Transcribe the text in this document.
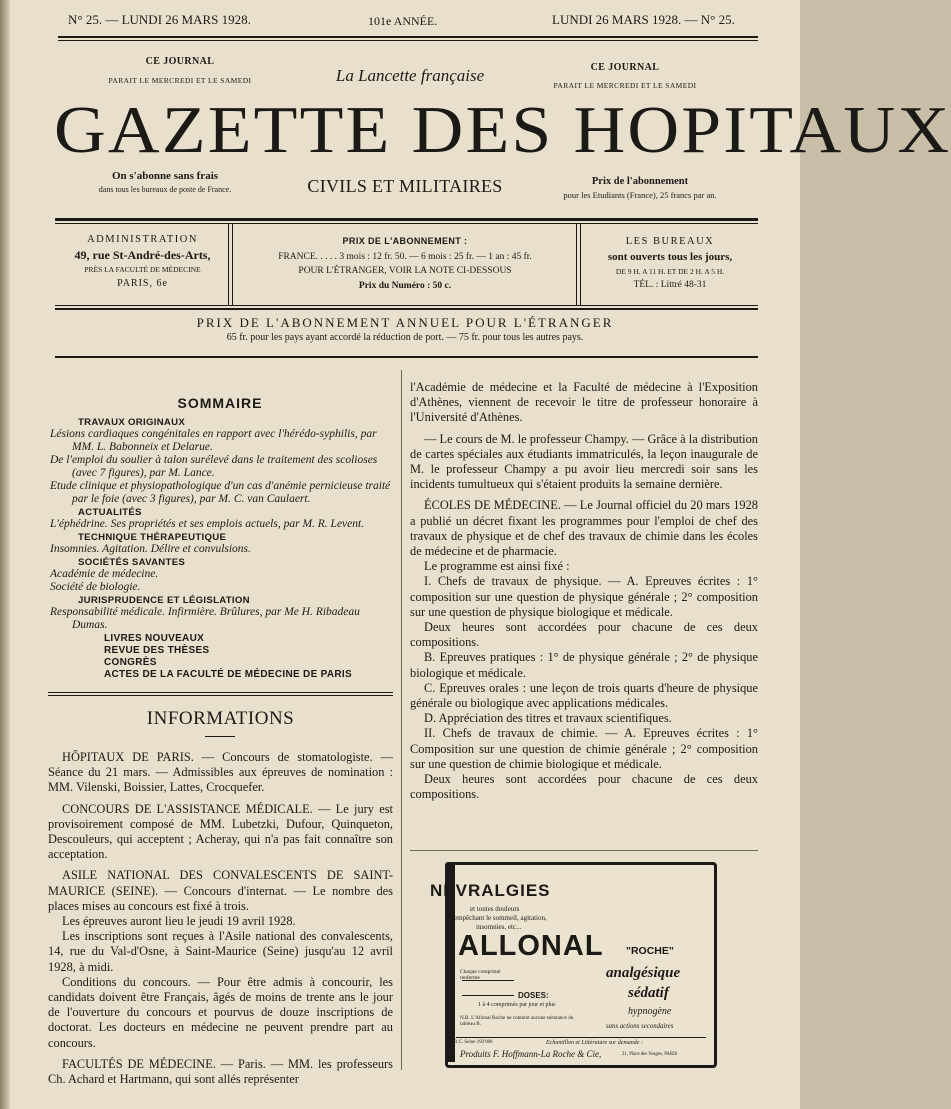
N° 25. — LUNDI 26 MARS 1928.	101e ANNÉE.	LUNDI 26 MARS 1928. — N° 25.
CE JOURNAL
PARAIT LE MERCREDI ET LE SAMEDI	La Lancette française	CE JOURNAL
PARAIT LE MERCREDI ET LE SAMEDI
GAZETTE DES HOPITAUX
On s'abonne sans frais
dans tous les bureaux de poste de France.	CIVILS ET MILITAIRES	Prix de l'abonnement
pour les Etudiants (France), 25 francs par an.
ADMINISTRATION
49, rue St-André-des-Arts,
PRÈS LA FACULTÉ DE MÉDECINE
PARIS, 6e
PRIX DE L'ABONNEMENT :
FRANCE. . . . . 3 mois : 12 fr. 50. — 6 mois : 25 fr. — 1 an : 45 fr.
POUR L'ÉTRANGER, VOIR LA NOTE CI-DESSOUS
Prix du Numéro : 50 c.
LES BUREAUX
sont ouverts tous les jours,
DE 9 H. A 11 H. ET DE 2 H. A 5 H.
TÉL. : Littré 48-31
PRIX DE L'ABONNEMENT ANNUEL POUR L'ÉTRANGER
65 fr. pour les pays ayant accordé la réduction de port. — 75 fr. pour tous les autres pays.
SOMMAIRE
TRAVAUX ORIGINAUX
Lésions cardiaques congénitales en rapport avec l'hérédo-syphilis, par MM. L. Babonneix et Delarue.
De l'emploi du soulier à talon surélevé dans le traitement des scolioses (avec 7 figures), par M. Lance.
Etude clinique et physiopathologique d'un cas d'anémie pernicieuse traité par le foie (avec 3 figures), par M. C. van Caulaert.
ACTUALITÉS
L'éphédrine. Ses propriétés et ses emplois actuels, par M. R. Levent.
TECHNIQUE THÉRAPEUTIQUE
Insomnies. Agitation. Délire et convulsions.
SOCIÉTÉS SAVANTES
Académie de médecine.
Société de biologie.
JURISPRUDENCE ET LÉGISLATION
Responsabilité médicale. Infirmière. Brûlures, par Me H. Ribadeau Dumas.
LIVRES NOUVEAUX
REVUE DES THÈSES
CONGRÈS
ACTES DE LA FACULTÉ DE MÉDECINE DE PARIS
INFORMATIONS

HÔPITAUX DE PARIS. — Concours de stomatologiste. — Séance du 21 mars. — Admissibles aux épreuves de nomination : MM. Vilenski, Boissier, Lattes, Crocquefer.

CONCOURS DE L'ASSISTANCE MÉDICALE. — Le jury est provisoirement composé de MM. Lubetzki, Dufour, Quinqueton, Descouleurs, qui acceptent ; Acheray, qui n'a pas fait connaître son acceptation.

ASILE NATIONAL DES CONVALESCENTS DE SAINT-MAURICE (SEINE). — Concours d'internat. — Le nombre des places mises au concours est fixé à trois.

Les épreuves auront lieu le jeudi 19 avril 1928.

Les inscriptions sont reçues à l'Asile national des convalescents, 14, rue du Val-d'Osne, à Saint-Maurice (Seine) jusqu'au 12 avril 1928, à midi.

Conditions du concours. — Pour être admis à concourir, les candidats doivent être Français, âgés de moins de trente ans le jour de l'ouverture du concours et pourvus de douze inscriptions de doctorat. Les docteurs en médecine ne peuvent prendre part au concours.

FACULTÉS DE MÉDECINE. — Paris. — MM. les professeurs Ch. Achard et Hartmann, qui sont allés représenter

l'Académie de médecine et la Faculté de médecine à l'Exposition d'Athènes, viennent de recevoir le titre de professeur honoraire à l'Université d'Athènes.

— Le cours de M. le professeur Champy. — Grâce à la distribution de cartes spéciales aux étudiants immatriculés, la leçon inaugurale de M. le professeur Champy a pu avoir lieu mercredi soir sans les incidents tumultueux qui s'étaient produits la semaine dernière.

ÉCOLES DE MÉDECINE. — Le Journal officiel du 20 mars 1928 a publié un décret fixant les programmes pour l'emploi de chef des travaux de physique et de chef des travaux de chimie dans les écoles de médecine et de pharmacie.

Le programme est ainsi fixé :

I. Chefs de travaux de physique. — A. Epreuves écrites : 1° composition sur une question de physique générale ; 2° composition sur une question de physique biologique et médicale.

Deux heures sont accordées pour chacune de ces deux compositions.

B. Epreuves pratiques : 1° de physique générale ; 2° de physique biologique et médicale.

C. Epreuves orales : une leçon de trois quarts d'heure de physique générale ou biologique avec applications médicales.

D. Appréciation des titres et travaux scientifiques.

II. Chefs de travaux de chimie. — A. Epreuves écrites : 1° Composition sur une question de chimie générale ; 2° composition sur une question de chimie biologique et médicale.

Deux heures sont accordées pour chacune de ces deux compositions.

NÉVRALGIES
et toutes douleurs
empêchant le sommeil, agitation,
insomnies, etc...
ALLONAL "ROCHE"
Chaque comprimé renferme
DOSES:
1 à 4 comprimés par jour et plus
N.B. L'Allonal Roche ne contient aucune substance du tableau B.
analgésique
sédatif
hypnogène
sans actions secondaires
R.C. Seine 192'006	Echantillon et Littérature sur demande :
Produits F. Hoffmann-La Roche & Cie,	21, Place des Vosges, PARIS
